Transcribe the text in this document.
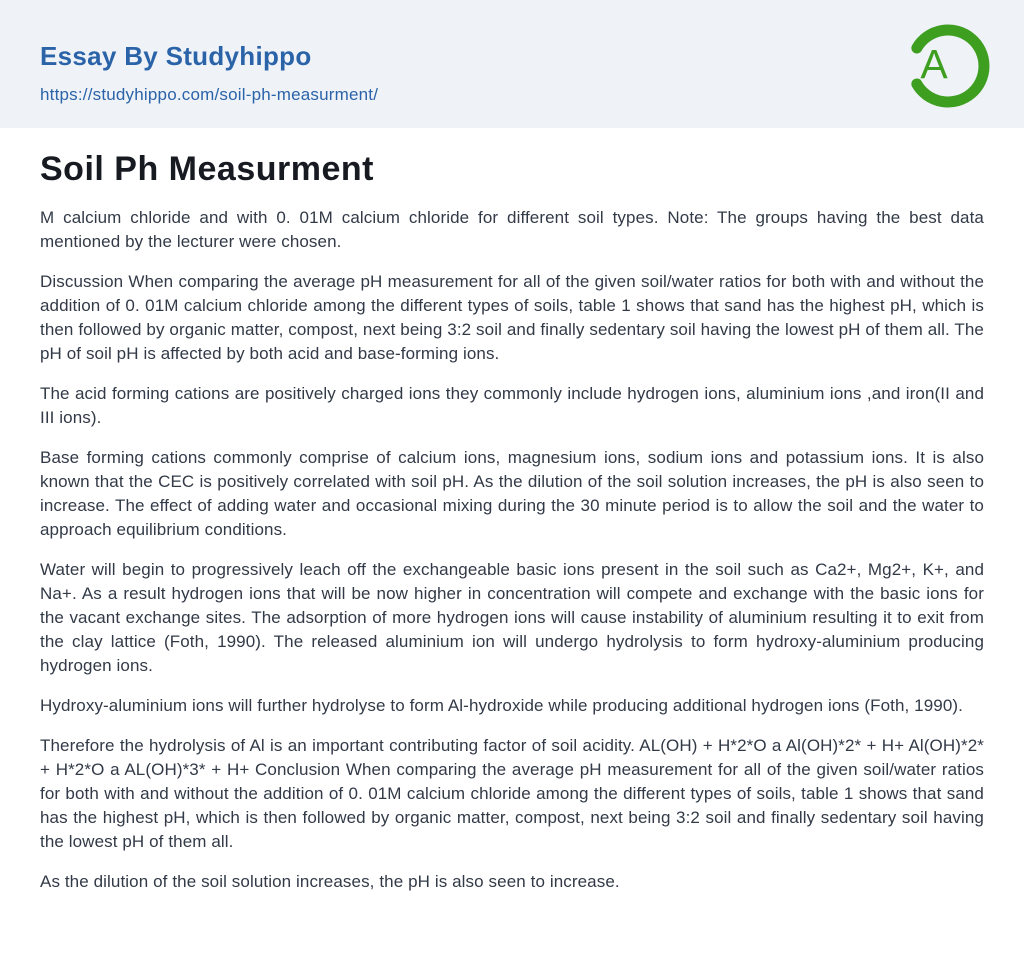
Essay By Studyhippo
https://studyhippo.com/soil-ph-measurment/
A
Soil Ph Measurment

M calcium chloride and with 0. 01M calcium chloride for different soil types. Note: The groups having the best data mentioned by the lecturer were chosen.

Discussion When comparing the average pH measurement for all of the given soil/water ratios for both with and without the addition of 0. 01M calcium chloride among the different types of soils, table 1 shows that sand has the highest pH, which is then followed by organic matter, compost, next being 3:2 soil and finally sedentary soil having the lowest pH of them all. The pH of soil pH is affected by both acid and base-forming ions.

The acid forming cations are positively charged ions they commonly include hydrogen ions, aluminium ions ,and iron(II and III ions).

Base forming cations commonly comprise of calcium ions, magnesium ions, sodium ions and potassium ions. It is also known that the CEC is positively correlated with soil pH. As the dilution of the soil solution increases, the pH is also seen to increase. The effect of adding water and occasional mixing during the 30 minute period is to allow the soil and the water to approach equilibrium conditions.

Water will begin to progressively leach off the exchangeable basic ions present in the soil such as Ca2+, Mg2+, K+, and Na+. As a result hydrogen ions that will be now higher in concentration will compete and exchange with the basic ions for the vacant exchange sites. The adsorption of more hydrogen ions will cause instability of aluminium resulting it to exit from the clay lattice (Foth, 1990). The released aluminium ion will undergo hydrolysis to form hydroxy-aluminium producing hydrogen ions.

Hydroxy-aluminium ions will further hydrolyse to form Al-hydroxide while producing additional hydrogen ions (Foth, 1990).

Therefore the hydrolysis of Al is an important contributing factor of soil acidity. AL(OH) + H*2*O a Al(OH)*2* + H+ Al(OH)*2* + H*2*O a AL(OH)*3* + H+ Conclusion When comparing the average pH measurement for all of the given soil/water ratios for both with and without the addition of 0. 01M calcium chloride among the different types of soils, table 1 shows that sand has the highest pH, which is then followed by organic matter, compost, next being 3:2 soil and finally sedentary soil having the lowest pH of them all.

As the dilution of the soil solution increases, the pH is also seen to increase.
